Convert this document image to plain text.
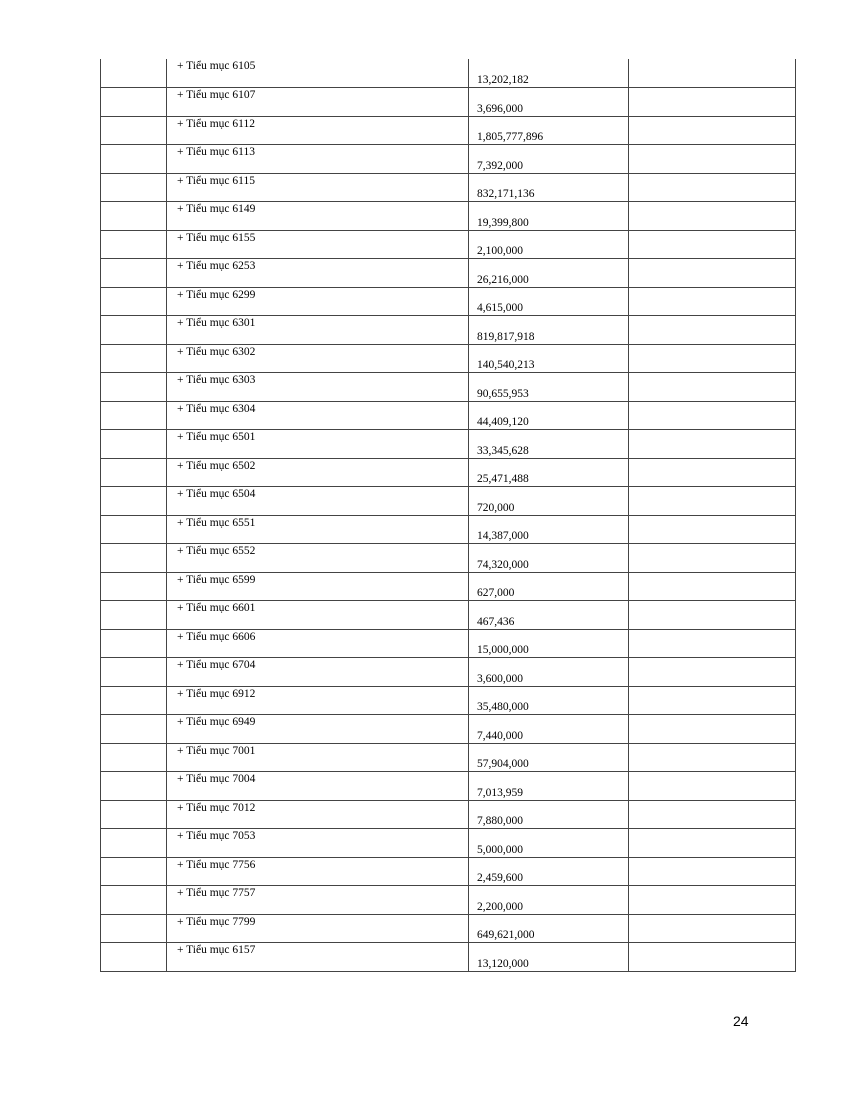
	+ Tiểu mục 6105	13,202,182	

	+ Tiểu mục 6107	3,696,000	

	+ Tiểu mục 6112	1,805,777,896	

	+ Tiểu mục 6113	7,392,000	

	+ Tiểu mục 6115	832,171,136	

	+ Tiểu mục 6149	19,399,800	

	+ Tiểu mục 6155	2,100,000	

	+ Tiểu mục 6253	26,216,000	

	+ Tiểu mục 6299	4,615,000	

	+ Tiểu mục 6301	819,817,918	

	+ Tiểu mục 6302	140,540,213	

	+ Tiểu mục 6303	90,655,953	

	+ Tiểu mục 6304	44,409,120	

	+ Tiểu mục 6501	33,345,628	

	+ Tiểu mục 6502	25,471,488	

	+ Tiểu mục 6504	720,000	

	+ Tiểu mục 6551	14,387,000	

	+ Tiểu mục 6552	74,320,000	

	+ Tiểu mục 6599	627,000	

	+ Tiểu mục 6601	467,436	

	+ Tiểu mục 6606	15,000,000	

	+ Tiểu mục 6704	3,600,000	

	+ Tiểu mục 6912	35,480,000	

	+ Tiểu mục 6949	7,440,000	

	+ Tiểu mục 7001	57,904,000	

	+ Tiểu mục 7004	7,013,959	

	+ Tiểu mục 7012	7,880,000	

	+ Tiểu mục 7053	5,000,000	

	+ Tiểu mục 7756	2,459,600	

	+ Tiểu mục 7757	2,200,000	

	+ Tiểu mục 7799	649,621,000	

	+ Tiểu mục 6157	13,120,000	

24
